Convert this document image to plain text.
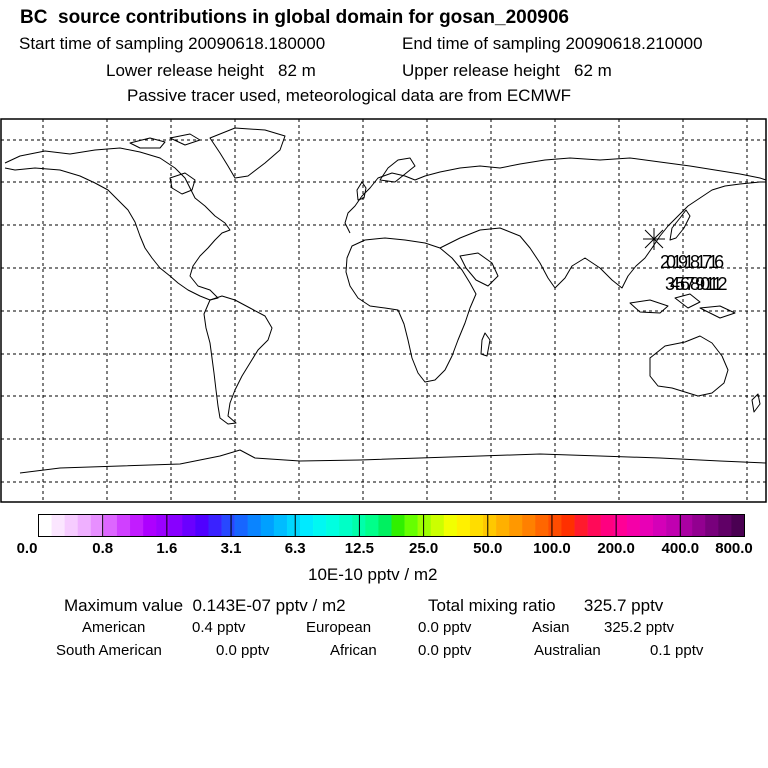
BC  source contributions in global domain for gosan_200906
Start time of sampling 20090618.180000	End time of sampling 20090618.210000
Lower release height   82 m	Upper release height   62 m
Passive tracer used, meteorological data are from ECMWF
2019181716
345678901112
0.0	0.8	1.6	3.1	6.3	12.5 25.0 50.0 100.0 200.0 400.0 800.0
10E-10 pptv / m2
Maximum value  0.143E-07 pptv / m2	Total mixing ratio      325.7 pptv
American	0.4 pptv	European	0.0 pptv	Asian 325.2 pptv
South American	0.0 pptv	African	0.0 pptv	Australian	0.1 pptv
